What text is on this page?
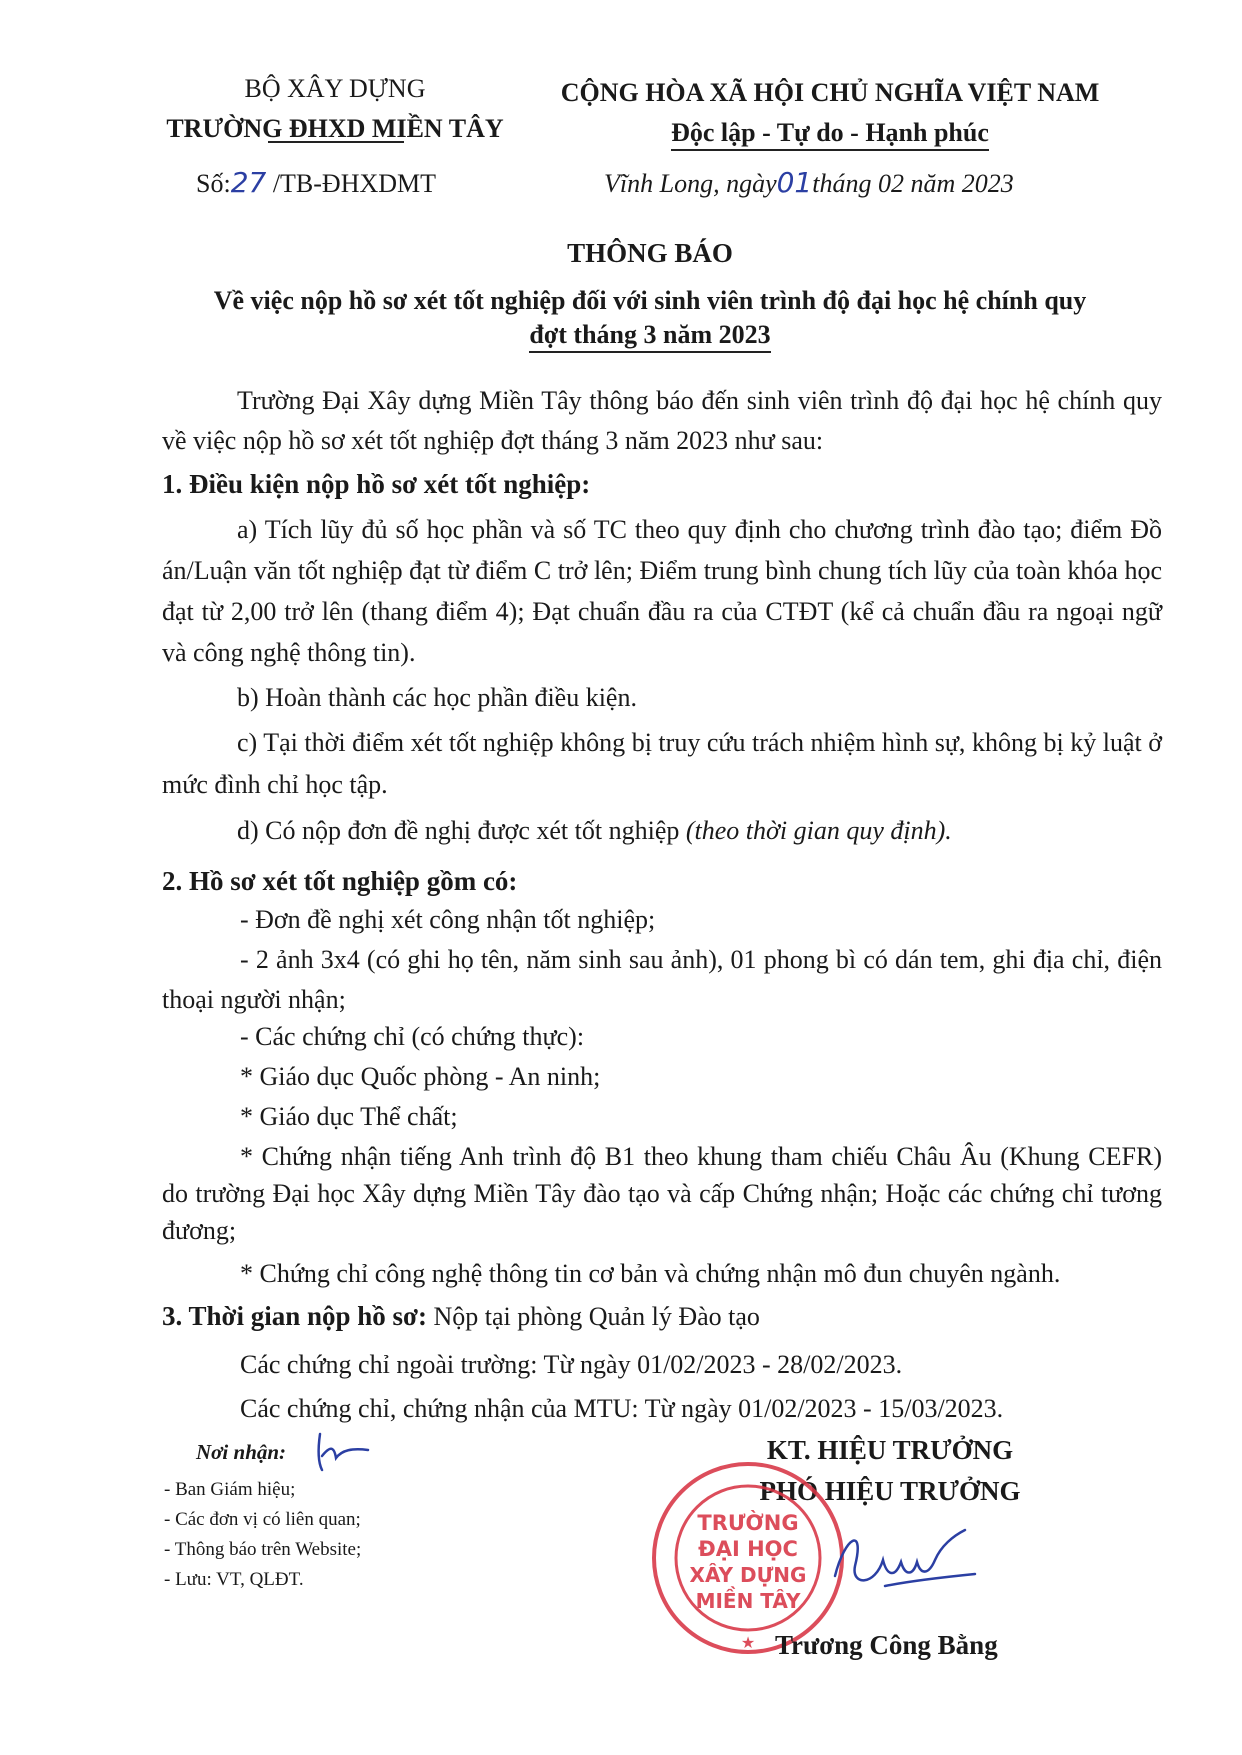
BỘ XÂY DỰNG
TRƯỜNG ĐHXD MIỀN TÂY
Số:27 /TB-ĐHXDMT
CỘNG HÒA XÃ HỘI CHỦ NGHĨA VIỆT NAM
Độc lập - Tự do - Hạnh phúc
Vĩnh Long, ngày01tháng 02 năm 2023
THÔNG BÁO
Về việc nộp hồ sơ xét tốt nghiệp đối với sinh viên trình độ đại học hệ chính quy
đợt tháng 3 năm 2023
Trường Đại Xây dựng Miền Tây thông báo đến sinh viên trình độ đại học hệ chính quy về việc nộp hồ sơ xét tốt nghiệp đợt tháng 3 năm 2023 như sau:
1. Điều kiện nộp hồ sơ xét tốt nghiệp:
a) Tích lũy đủ số học phần và số TC theo quy định cho chương trình đào tạo; điểm Đồ án/Luận văn tốt nghiệp đạt từ điểm C trở lên; Điểm trung bình chung tích lũy của toàn khóa học đạt từ 2,00 trở lên (thang điểm 4); Đạt chuẩn đầu ra của CTĐT (kể cả chuẩn đầu ra ngoại ngữ và công nghệ thông tin).
b) Hoàn thành các học phần điều kiện.
c) Tại thời điểm xét tốt nghiệp không bị truy cứu trách nhiệm hình sự, không bị kỷ luật ở mức đình chỉ học tập.
d) Có nộp đơn đề nghị được xét tốt nghiệp (theo thời gian quy định).
2. Hồ sơ xét tốt nghiệp gồm có:
- Đơn đề nghị xét công nhận tốt nghiệp;
- 2 ảnh 3x4 (có ghi họ tên, năm sinh sau ảnh), 01 phong bì có dán tem, ghi địa chỉ, điện thoại người nhận;
- Các chứng chỉ (có chứng thực):
* Giáo dục Quốc phòng - An ninh;
* Giáo dục Thể chất;
* Chứng nhận tiếng Anh trình độ B1 theo khung tham chiếu Châu Âu (Khung CEFR) do trường Đại học Xây dựng Miền Tây đào tạo và cấp Chứng nhận; Hoặc các chứng chỉ tương đương;
* Chứng chỉ công nghệ thông tin cơ bản và chứng nhận mô đun chuyên ngành.
3. Thời gian nộp hồ sơ: Nộp tại phòng Quản lý Đào tạo
Các chứng chỉ ngoài trường: Từ ngày 01/02/2023 - 28/02/2023.
Các chứng chỉ, chứng nhận của MTU: Từ ngày 01/02/2023 - 15/03/2023.
Nơi nhận:
- Ban Giám hiệu;
- Các đơn vị có liên quan;
- Thông báo trên Website;
- Lưu: VT, QLĐT.
KT. HIỆU TRƯỞNG
PHÓ HIỆU TRƯỞNG
TRƯỜNG
ĐẠI HỌC
XÂY DỰNG
MIỀN TÂY
★ Trương Công Bằng
